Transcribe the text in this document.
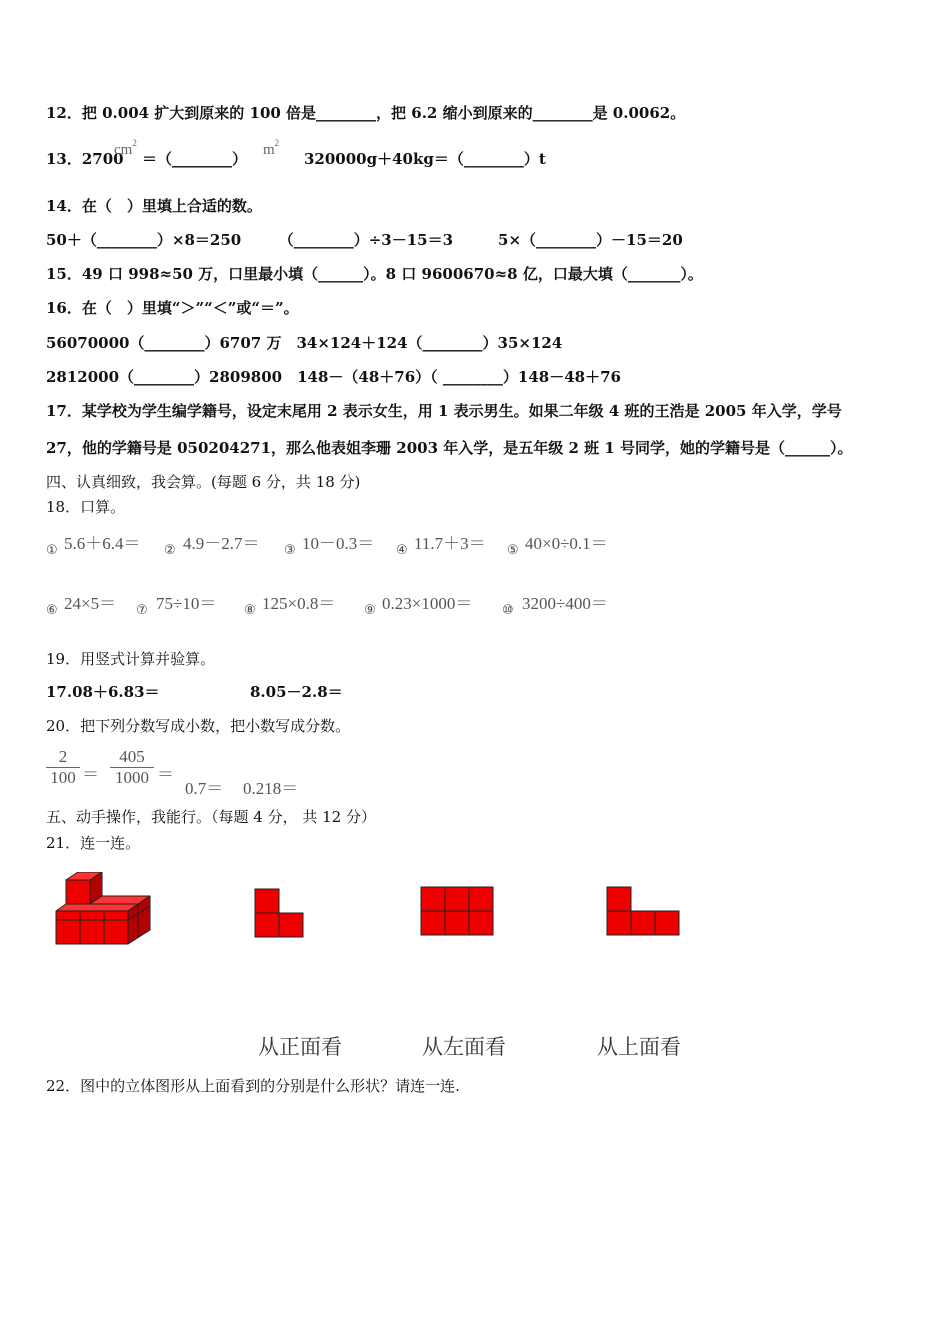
12．把 0.004 扩大到原来的 100 倍是________，把 6.2 缩小到原来的________是 0.0062。
13．2700
$cm^2$
＝（________） $m^2$
320000g＋40kg＝（________）t
14．在（　）里填上合适的数。
50＋（________）×8＝250　　　（________）÷3－15＝3　　　5×（________）－15＝20
15．49 口 998≈50 万，口里最小填（______）。8 口 9600670≈8 亿，口最大填（_______）。
16．在（　）里填“＞”“＜”或“＝”。
56070000（________）6707 万　34×124＋124（________）35×124
2812000（________）2809800　148－（48＋76）（ ________）148－48＋76
17．某学校为学生编学籍号，设定末尾用 2 表示女生，用 1 表示男生。如果二年级 4 班的王浩是 2005 年入学，学号
27，他的学籍号是 050204271，那么他表姐李珊 2003 年入学，是五年级 2 班 1 号同学，她的学籍号是（______）。
四、认真细致，我会算。(每题 6 分，共 18 分)
18．口算。
① 5.6＋6.4＝ ② 4.9－2.7＝ ③ 10－0.3＝ ④ 11.7＋3＝ ⑤ 40×0÷0.1＝
⑥ 24×5＝ ⑦ 75÷10＝ ⑧ 125×0.8＝ ⑨ 0.23×1000＝ ⑩ 3200÷400＝
19．用竖式计算并验算。
17.08＋6.83＝	8.05－2.8＝
20．把下列分数写成小数，把小数写成分数。
$\frac{2}{100} = \frac{405}{1000}$ ＝
0.7＝ 0.218＝
五、动手操作，我能行。（每题 4 分， 共 12 分）
21．连一连。
从正面看	从左面看	从上面看
22．图中的立体图形从上面看到的分别是什么形状？请连一连.
